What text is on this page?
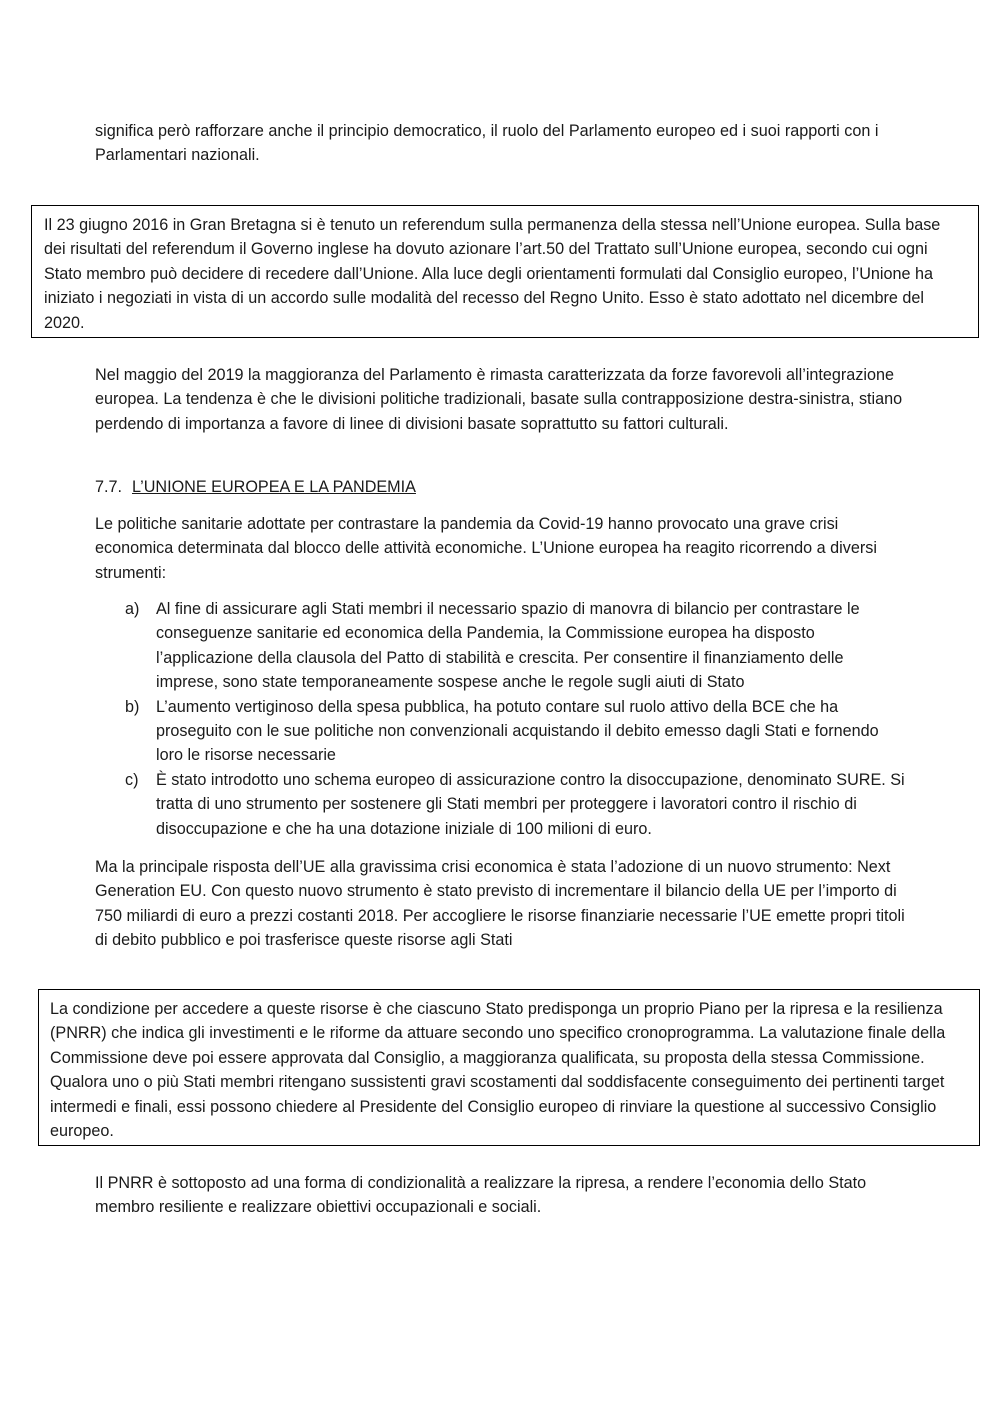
significa però rafforzare anche il principio democratico, il ruolo del Parlamento europeo ed i suoi rapporti con i Parlamentari nazionali.

Il 23 giugno 2016 in Gran Bretagna si è tenuto un referendum sulla permanenza della stessa nell’Unione europea. Sulla base dei risultati del referendum il Governo inglese ha dovuto azionare l’art.50 del Trattato sull’Unione europea, secondo cui ogni Stato membro può decidere di recedere dall’Unione. Alla luce degli orientamenti formulati dal Consiglio europeo, l’Unione ha iniziato i negoziati in vista di un accordo sulle modalità del recesso del Regno Unito. Esso è stato adottato nel dicembre del 2020.

Nel maggio del 2019 la maggioranza del Parlamento è rimasta caratterizzata da forze favorevoli all’integrazione europea. La tendenza è che le divisioni politiche tradizionali, basate sulla contrapposizione destra-sinistra, stiano perdendo di importanza a favore di linee di divisioni basate soprattutto su fattori culturali.

7.7. L’UNIONE EUROPEA E LA PANDEMIA

Le politiche sanitarie adottate per contrastare la pandemia da Covid-19 hanno provocato una grave crisi economica determinata dal blocco delle attività economiche. L’Unione europea ha reagito ricorrendo a diversi strumenti:

a) Al fine di assicurare agli Stati membri il necessario spazio di manovra di bilancio per contrastare le conseguenze sanitarie ed economica della Pandemia, la Commissione europea ha disposto l’applicazione della clausola del Patto di stabilità e crescita. Per consentire il finanziamento delle imprese, sono state temporaneamente sospese anche le regole sugli aiuti di Stato
b) L’aumento vertiginoso della spesa pubblica, ha potuto contare sul ruolo attivo della BCE che ha proseguito con le sue politiche non convenzionali acquistando il debito emesso dagli Stati e fornendo loro le risorse necessarie
c) È stato introdotto uno schema europeo di assicurazione contro la disoccupazione, denominato SURE. Si tratta di uno strumento per sostenere gli Stati membri per proteggere i lavoratori contro il rischio di disoccupazione e che ha una dotazione iniziale di 100 milioni di euro.

Ma la principale risposta dell’UE alla gravissima crisi economica è stata l’adozione di un nuovo strumento: Next Generation EU. Con questo nuovo strumento è stato previsto di incrementare il bilancio della UE per l’importo di 750 miliardi di euro a prezzi costanti 2018. Per accogliere le risorse finanziarie necessarie l’UE emette propri titoli di debito pubblico e poi trasferisce queste risorse agli Stati

La condizione per accedere a queste risorse è che ciascuno Stato predisponga un proprio Piano per la ripresa e la resilienza (PNRR) che indica gli investimenti e le riforme da attuare secondo uno specifico cronoprogramma. La valutazione finale della Commissione deve poi essere approvata dal Consiglio, a maggioranza qualificata, su proposta della stessa Commissione. Qualora uno o più Stati membri ritengano sussistenti gravi scostamenti dal soddisfacente conseguimento dei pertinenti target intermedi e finali, essi possono chiedere al Presidente del Consiglio europeo di rinviare la questione al successivo Consiglio europeo.

Il PNRR è sottoposto ad una forma di condizionalità a realizzare la ripresa, a rendere l’economia dello Stato membro resiliente e realizzare obiettivi occupazionali e sociali.
